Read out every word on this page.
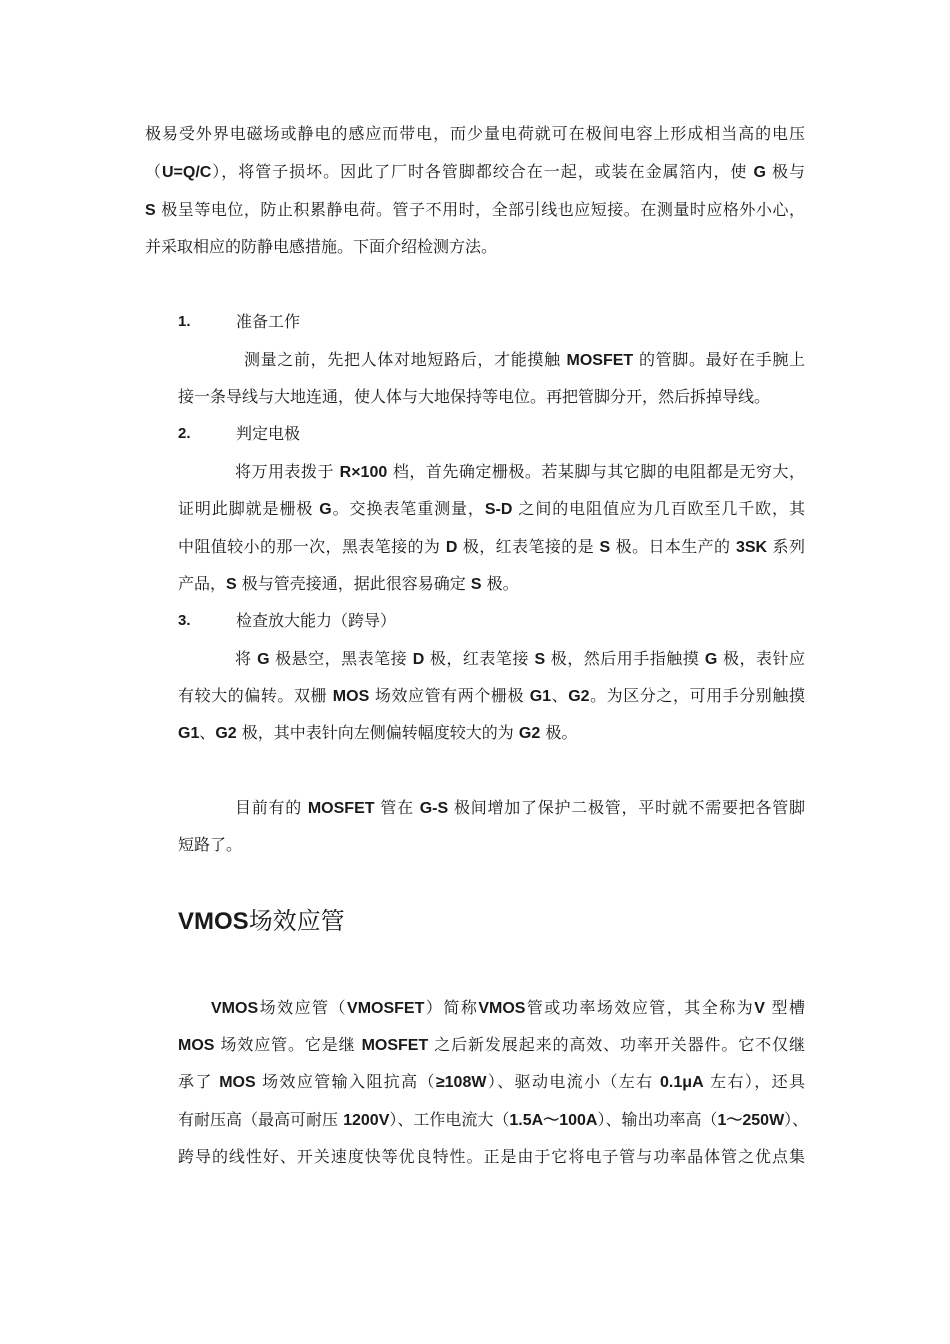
极易受外界电磁场或静电的感应而带电，而少量电荷就可在极间电容上形成相当高的电压
（U=Q/C），将管子损坏。因此了厂时各管脚都绞合在一起，或装在金属箔内，使 G 极与
S 极呈等电位，防止积累静电荷。管子不用时，全部引线也应短接。在测量时应格外小心，
并采取相应的防静电感措施。下面介绍检测方法。
1.	准备工作
测量之前，先把人体对地短路后，才能摸触 MOSFET 的管脚。最好在手腕上
接一条导线与大地连通，使人体与大地保持等电位。再把管脚分开，然后拆掉导线。
2.	判定电极
将万用表拨于 R×100 档，首先确定栅极。若某脚与其它脚的电阻都是无穷大，
证明此脚就是栅极 G。交换表笔重测量，S-D 之间的电阻值应为几百欧至几千欧，其
中阻值较小的那一次，黑表笔接的为 D 极，红表笔接的是 S 极。日本生产的 3SK 系列
产品，S 极与管壳接通，据此很容易确定 S 极。
3.	检查放大能力（跨导）
将 G 极悬空，黑表笔接 D 极，红表笔接 S 极，然后用手指触摸 G 极，表针应
有较大的偏转。双栅 MOS 场效应管有两个栅极 G1、G2。为区分之，可用手分别触摸
G1、G2 极，其中表针向左侧偏转幅度较大的为 G2 极。
目前有的 MOSFET 管在 G-S 极间增加了保护二极管，平时就不需要把各管脚
短路了。
VMOS场效应管
VMOS场效应管（VMOSFET）简称VMOS管或功率场效应管，其全称为V 型槽
MOS 场效应管。它是继 MOSFET 之后新发展起来的高效、功率开关器件。它不仅继
承了 MOS 场效应管输入阻抗高（≥108W）、驱动电流小（左右 0.1μA 左右），还具
有耐压高（最高可耐压 1200V）、工作电流大（1.5A～100A）、输出功率高（1～250W）、
跨导的线性好、开关速度快等优良特性。正是由于它将电子管与功率晶体管之优点集
